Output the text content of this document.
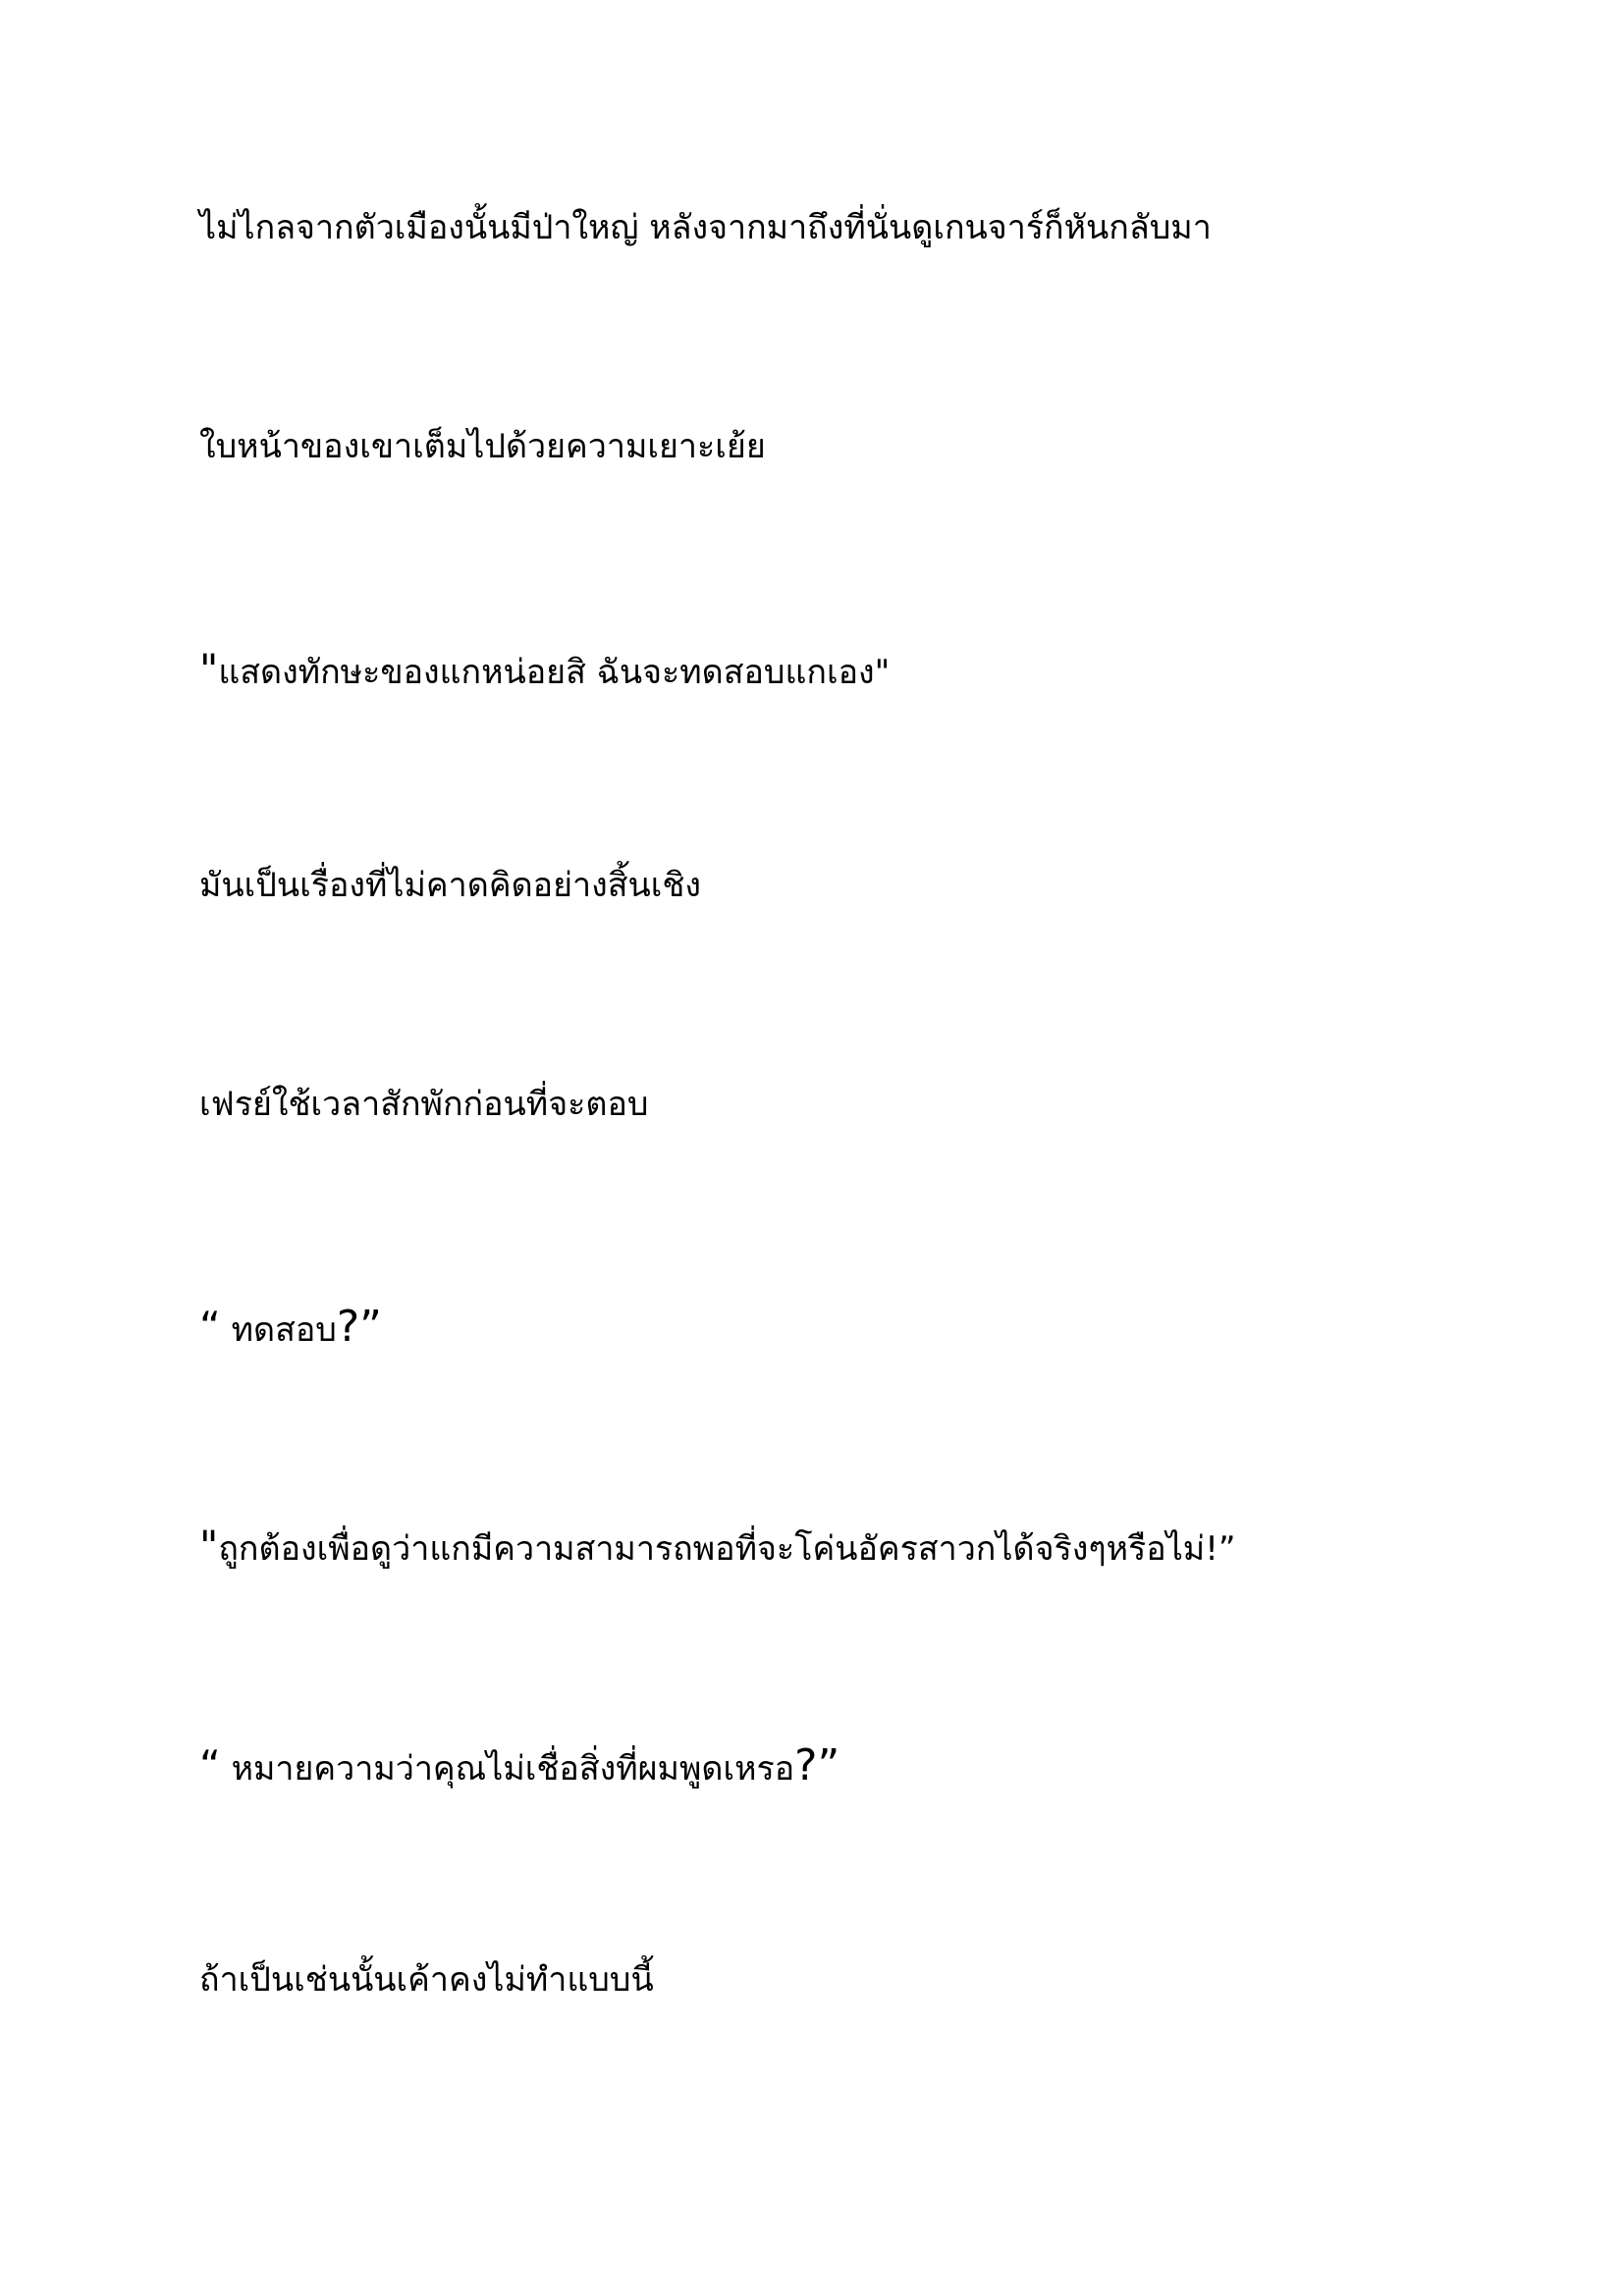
ไม่ไกลจากตัวเมืองนั้นมีป่าใหญ่ หลังจากมาถึงที่นั่นดูเกนจาร์ก็หันกลับมา

ใบหน้าของเขาเต็มไปด้วยความเยาะเย้ย

"แสดงทักษะของแกหน่อยสิ ฉันจะทดสอบแกเอง"

มันเป็นเรื่องที่ไม่คาดคิดอย่างสิ้นเชิง

เฟรย์ใช้เวลาสักพักก่อนที่จะตอบ

“ ทดสอบ?”

"ถูกต้องเพื่อดูว่าแกมีความสามารถพอที่จะโค่นอัครสาวกได้จริงๆหรือไม่!”

“ หมายความว่าคุณไม่เชื่อสิ่งที่ผมพูดเหรอ?”

ถ้าเป็นเช่นนั้นเค้าคงไม่ทำแบบนี้
